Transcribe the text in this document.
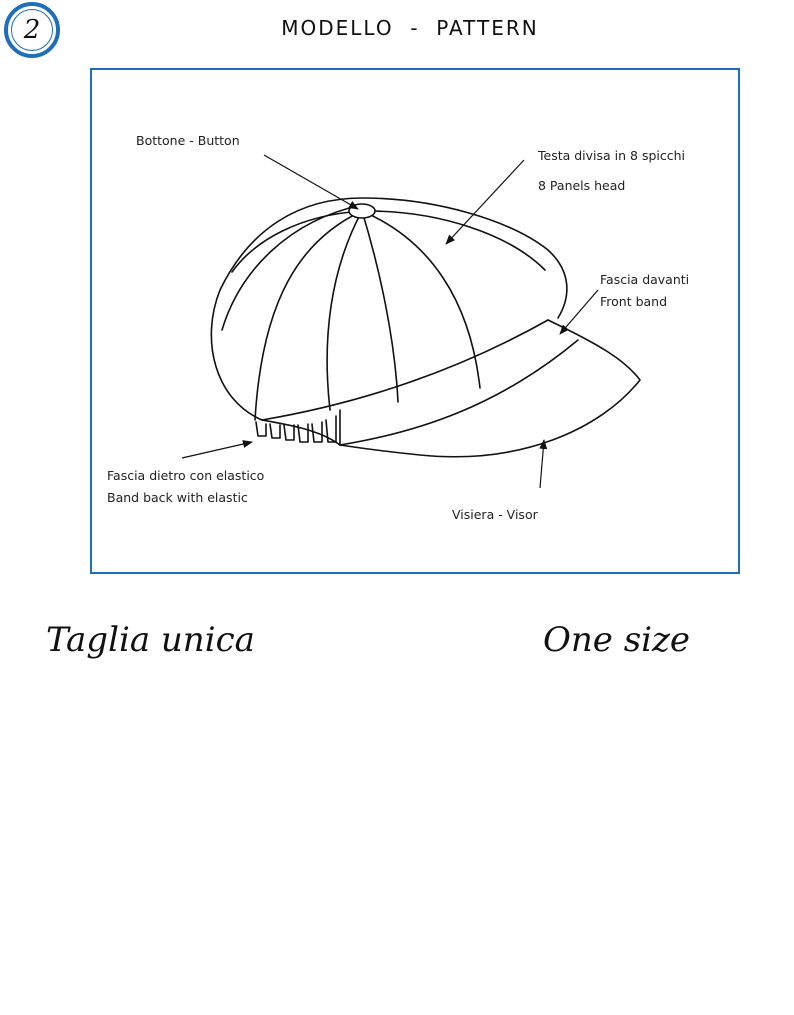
2	MODELLO  -  PATTERN
Bottone - Button
Testa divisa in 8 spicchi
8 Panels head
Fascia davanti
Front band
Fascia dietro con elastico
Band back with elastic
Visiera - Visor
Taglia unica	One size
